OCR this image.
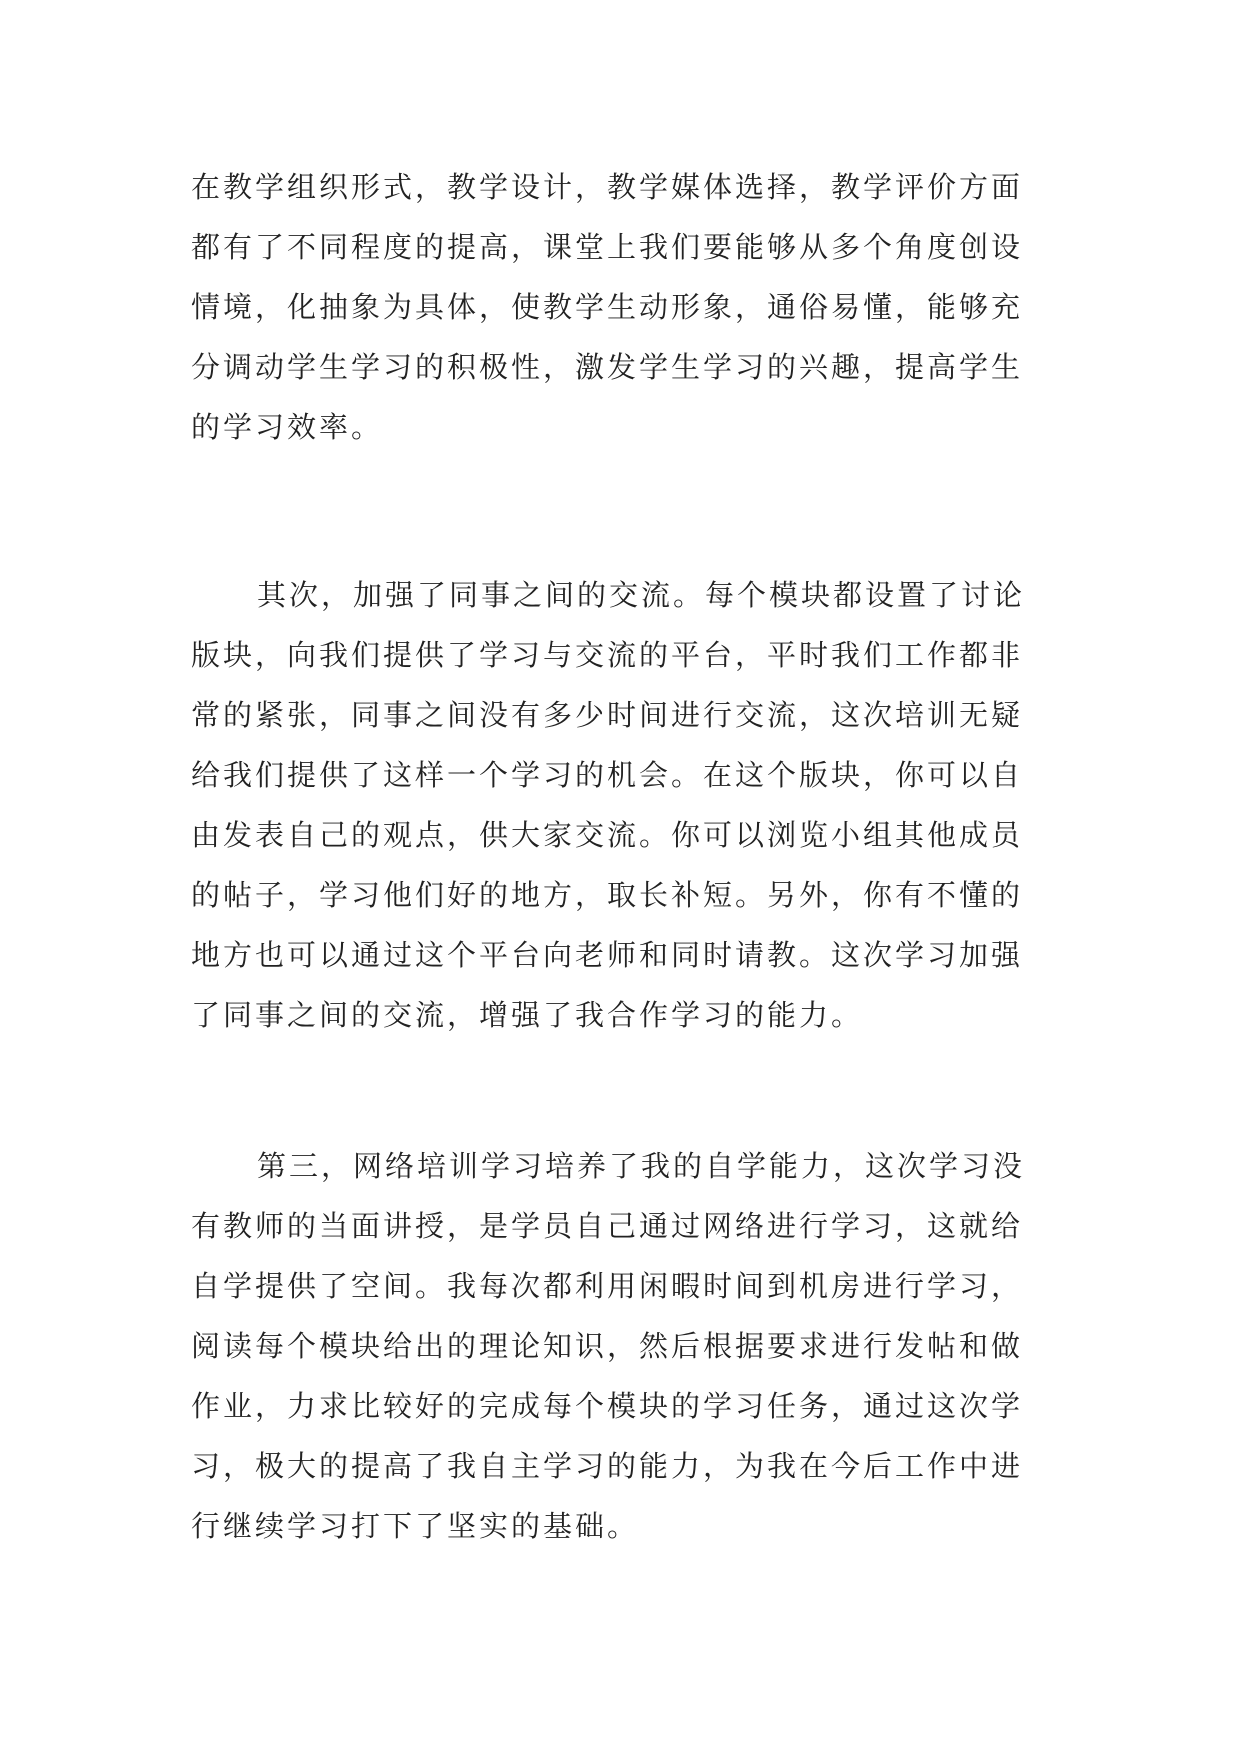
在教学组织形式，教学设计，教学媒体选择，教学评价方面
都有了不同程度的提高，课堂上我们要能够从多个角度创设
情境，化抽象为具体，使教学生动形象，通俗易懂，能够充
分调动学生学习的积极性，激发学生学习的兴趣，提高学生
的学习效率。

其次，加强了同事之间的交流。每个模块都设置了讨论
版块，向我们提供了学习与交流的平台，平时我们工作都非
常的紧张，同事之间没有多少时间进行交流，这次培训无疑
给我们提供了这样一个学习的机会。在这个版块，你可以自
由发表自己的观点，供大家交流。你可以浏览小组其他成员
的帖子，学习他们好的地方，取长补短。另外，你有不懂的
地方也可以通过这个平台向老师和同时请教。这次学习加强
了同事之间的交流，增强了我合作学习的能力。

第三，网络培训学习培养了我的自学能力，这次学习没
有教师的当面讲授，是学员自己通过网络进行学习，这就给
自学提供了空间。我每次都利用闲暇时间到机房进行学习，
阅读每个模块给出的理论知识，然后根据要求进行发帖和做
作业，力求比较好的完成每个模块的学习任务，通过这次学
习，极大的提高了我自主学习的能力，为我在今后工作中进
行继续学习打下了坚实的基础。
